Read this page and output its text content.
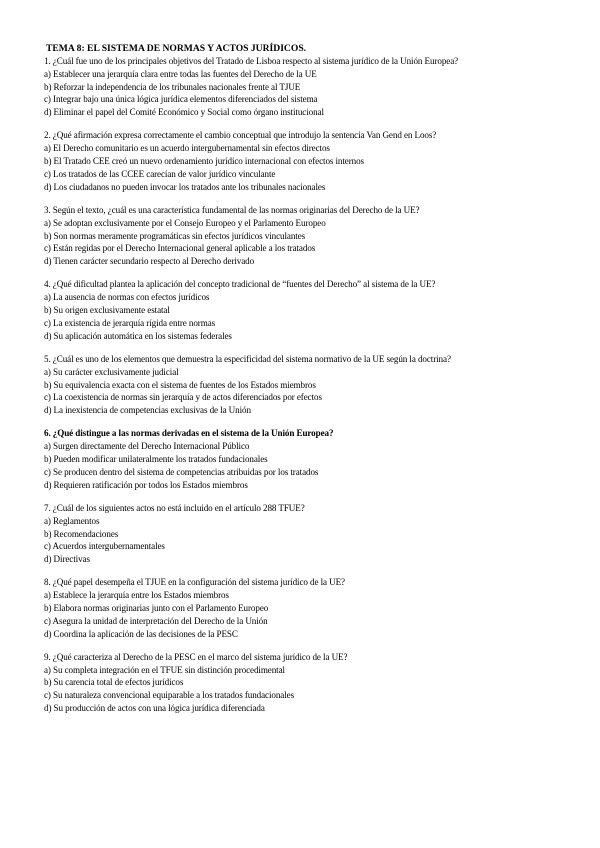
TEMA 8: EL SISTEMA DE NORMAS Y ACTOS JURÍDICOS.
1. ¿Cuál fue uno de los principales objetivos del Tratado de Lisboa respecto al sistema jurídico de la Unión Europea?
a) Establecer una jerarquía clara entre todas las fuentes del Derecho de la UE
b) Reforzar la independencia de los tribunales nacionales frente al TJUE
c) Integrar bajo una única lógica jurídica elementos diferenciados del sistema
d) Eliminar el papel del Comité Económico y Social como órgano institucional
2. ¿Qué afirmación expresa correctamente el cambio conceptual que introdujo la sentencia Van Gend en Loos?
a) El Derecho comunitario es un acuerdo intergubernamental sin efectos directos
b) El Tratado CEE creó un nuevo ordenamiento jurídico internacional con efectos internos
c) Los tratados de las CCEE carecían de valor jurídico vinculante
d) Los ciudadanos no pueden invocar los tratados ante los tribunales nacionales
3. Según el texto, ¿cuál es una característica fundamental de las normas originarias del Derecho de la UE?
a) Se adoptan exclusivamente por el Consejo Europeo y el Parlamento Europeo
b) Son normas meramente programáticas sin efectos jurídicos vinculantes
c) Están regidas por el Derecho Internacional general aplicable a los tratados
d) Tienen carácter secundario respecto al Derecho derivado
4. ¿Qué dificultad plantea la aplicación del concepto tradicional de “fuentes del Derecho” al sistema de la UE?
a) La ausencia de normas con efectos jurídicos
b) Su origen exclusivamente estatal
c) La existencia de jerarquía rígida entre normas
d) Su aplicación automática en los sistemas federales
5. ¿Cuál es uno de los elementos que demuestra la especificidad del sistema normativo de la UE según la doctrina?
a) Su carácter exclusivamente judicial
b) Su equivalencia exacta con el sistema de fuentes de los Estados miembros
c) La coexistencia de normas sin jerarquía y de actos diferenciados por efectos
d) La inexistencia de competencias exclusivas de la Unión
6. ¿Qué distingue a las normas derivadas en el sistema de la Unión Europea?
a) Surgen directamente del Derecho Internacional Público
b) Pueden modificar unilateralmente los tratados fundacionales
c) Se producen dentro del sistema de competencias atribuidas por los tratados
d) Requieren ratificación por todos los Estados miembros
7. ¿Cuál de los siguientes actos no está incluido en el artículo 288 TFUE?
a) Reglamentos
b) Recomendaciones
c) Acuerdos intergubernamentales
d) Directivas
8. ¿Qué papel desempeña el TJUE en la configuración del sistema jurídico de la UE?
a) Establece la jerarquía entre los Estados miembros
b) Elabora normas originarias junto con el Parlamento Europeo
c) Asegura la unidad de interpretación del Derecho de la Unión
d) Coordina la aplicación de las decisiones de la PESC
9. ¿Qué caracteriza al Derecho de la PESC en el marco del sistema jurídico de la UE?
a) Su completa integración en el TFUE sin distinción procedimental
b) Su carencia total de efectos jurídicos
c) Su naturaleza convencional equiparable a los tratados fundacionales
d) Su producción de actos con una lógica jurídica diferenciada
